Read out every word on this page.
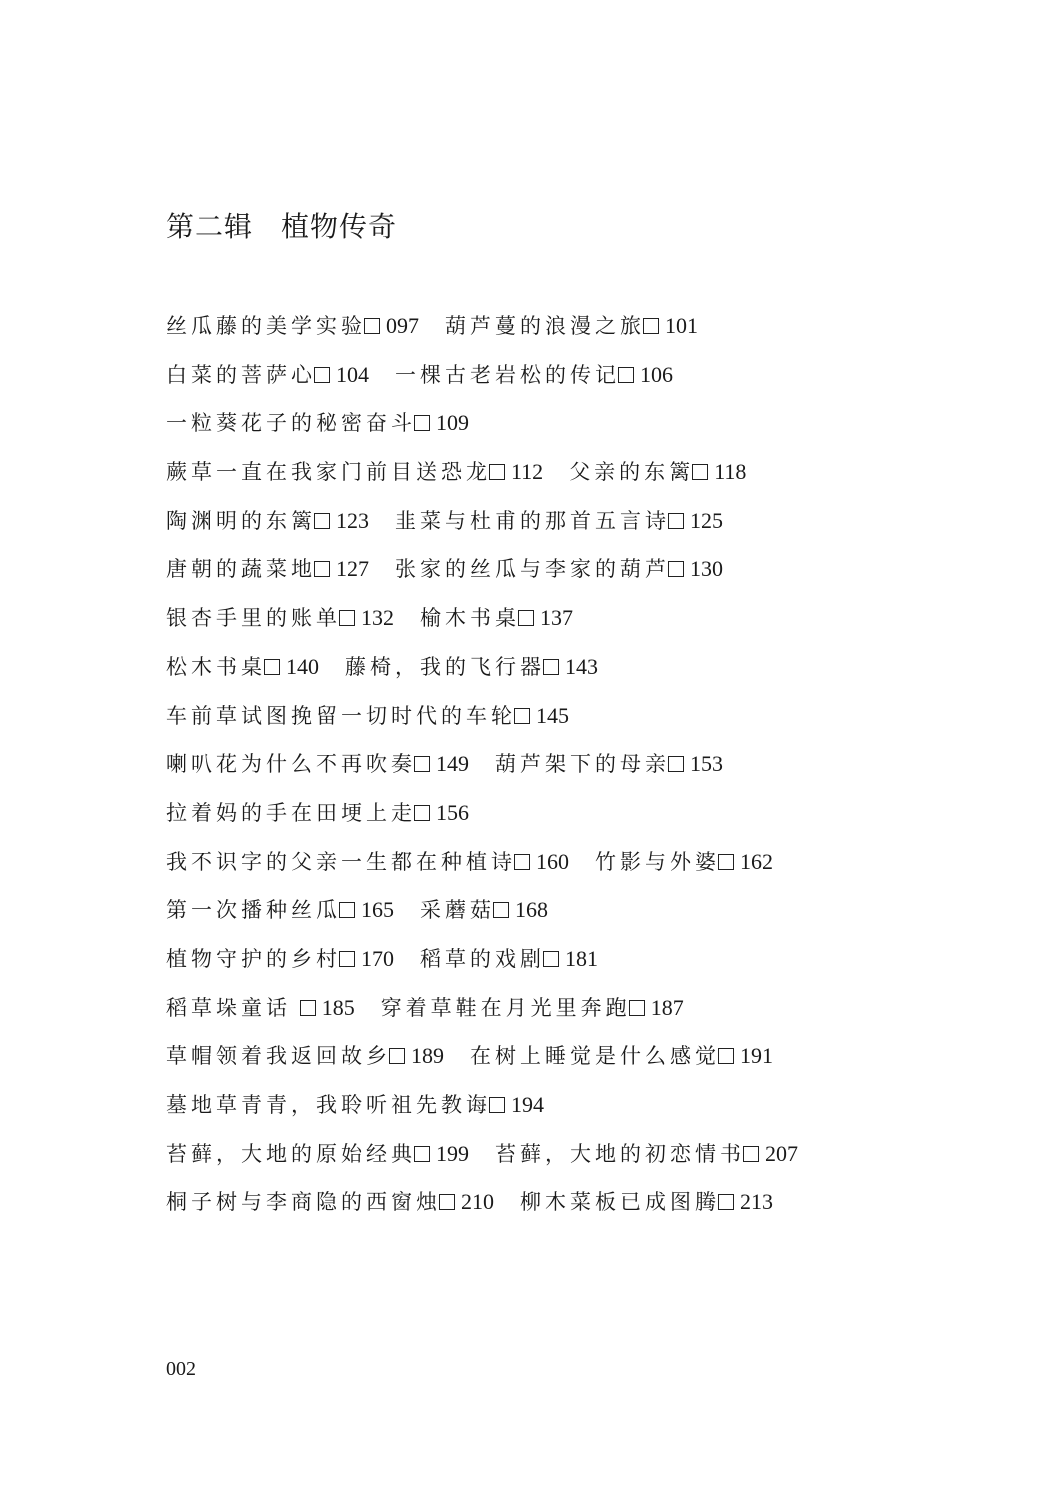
第二辑 植物传奇
丝瓜藤的美学实验 097 葫芦蔓的浪漫之旅 101
白菜的菩萨心 104 一棵古老岩松的传记 106
一粒葵花子的秘密奋斗 109
蕨草一直在我家门前目送恐龙 112 父亲的东篱 118
陶渊明的东篱 123 韭菜与杜甫的那首五言诗 125
唐朝的蔬菜地 127 张家的丝瓜与李家的葫芦 130
银杏手里的账单 132 榆木书桌 137
松木书桌 140 藤椅，我的飞行器 143
车前草试图挽留一切时代的车轮 145
喇叭花为什么不再吹奏 149 葫芦架下的母亲 153
拉着妈的手在田埂上走 156
我不识字的父亲一生都在种植诗 160 竹影与外婆 162
第一次播种丝瓜 165 采蘑菇 168
植物守护的乡村 170 稻草的戏剧 181
稻草垛童话 185 穿着草鞋在月光里奔跑 187
草帽领着我返回故乡 189 在树上睡觉是什么感觉 191
墓地草青青，我聆听祖先教诲 194
苔藓，大地的原始经典 199 苔藓，大地的初恋情书 207
桐子树与李商隐的西窗烛 210 柳木菜板已成图腾 213
002
